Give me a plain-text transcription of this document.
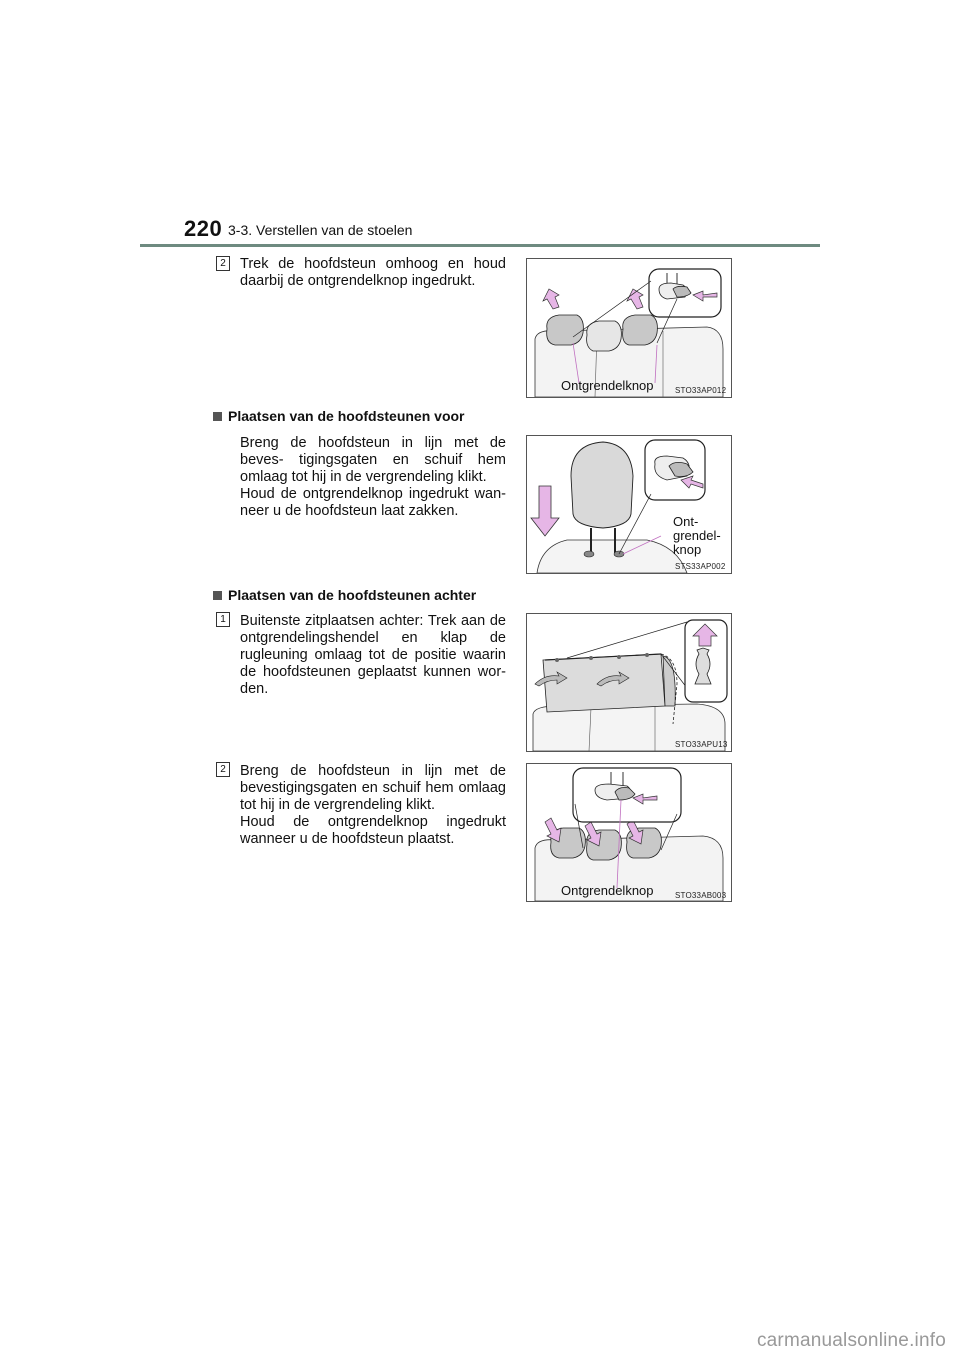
220 3-3. Verstellen van de stoelen
2 Trek de hoofdsteun omhoog en houd daarbij de ontgrendelknop ingedrukt.
Ontgrendelknop	STO33AP012
Plaatsen van de hoofdsteunen voor
Breng de hoofdsteun in lijn met de beves- tigingsgaten en schuif hem omlaag tot hij in de vergrendeling klikt.
Houd de ontgrendelknop ingedrukt wan- neer u de hoofdsteun laat zakken.
Ont-
grendel-
knop
STS33AP002
Plaatsen van de hoofdsteunen achter
1 Buitenste zitplaatsen achter: Trek aan de ontgrendelingshendel en klap de rugleuning omlaag tot de positie waarin de hoofdsteunen geplaatst kunnen wor- den.
STO33APU13
2 Breng de hoofdsteun in lijn met de bevestigingsgaten en schuif hem omlaag tot hij in de vergrendeling klikt.
Houd de ontgrendelknop ingedrukt wanneer u de hoofdsteun plaatst.
Ontgrendelknop	STO33AB003
carmanualsonline.info
